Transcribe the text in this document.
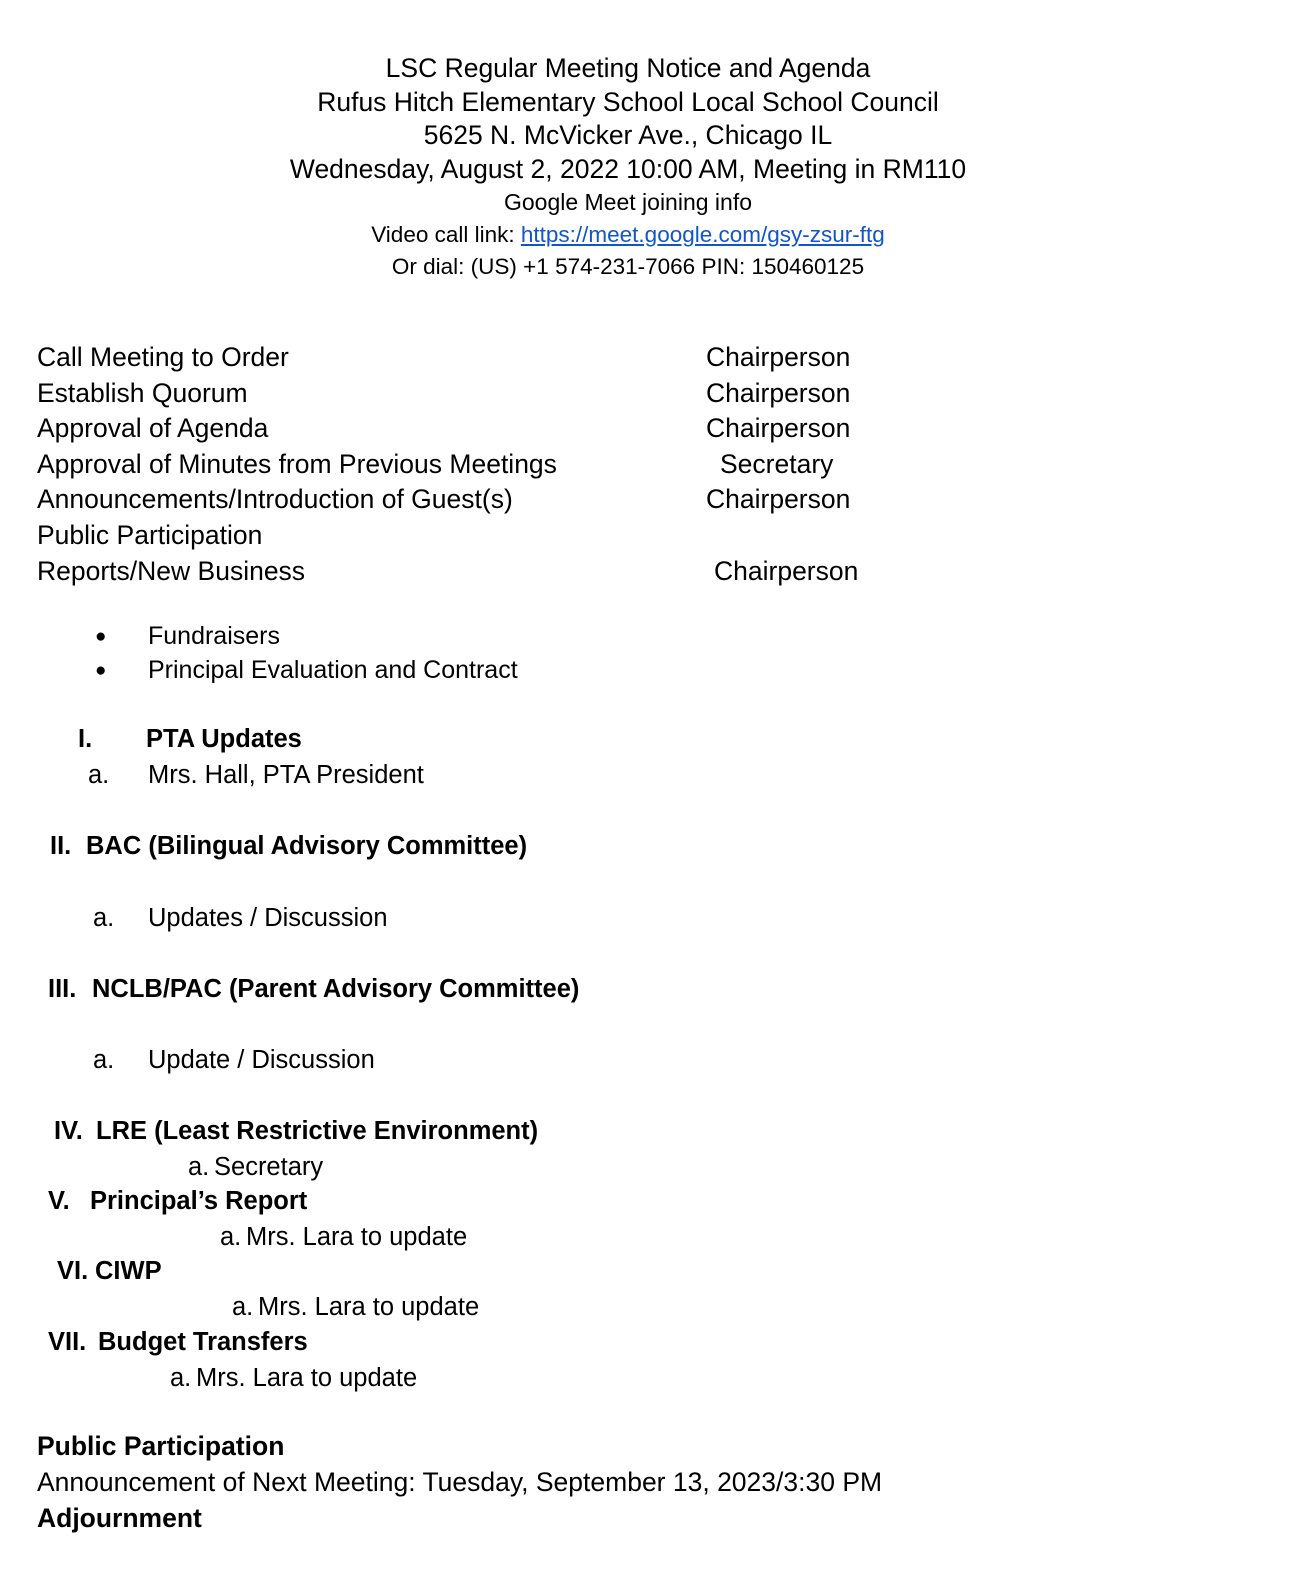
LSC Regular Meeting Notice and Agenda
Rufus Hitch Elementary School Local School Council
5625 N. McVicker Ave., Chicago IL
Wednesday, August 2, 2022 10:00 AM, Meeting in RM110
Google Meet joining info
Video call link: https://meet.google.com/gsy-zsur-ftg
Or dial: (US) +1 574-231-7066 PIN: 150460125
Call Meeting to Order	Chairperson
Establish Quorum	Chairperson
Approval of Agenda	Chairperson
Approval of Minutes from Previous Meetings	Secretary
Announcements/Introduction of Guest(s)	Chairperson
Public Participation
Reports/New Business	Chairperson
● Fundraisers
● Principal Evaluation and Contract
I. PTA Updates
a. Mrs. Hall, PTA President
II. BAC (Bilingual Advisory Committee)
a. Updates / Discussion
III. NCLB/PAC (Parent Advisory Committee)
a. Update / Discussion
IV. LRE (Least Restrictive Environment)
a. Secretary
V. Principal’s Report
a. Mrs. Lara to update
VI. CIWP
a. Mrs. Lara to update
VII. Budget Transfers
a. Mrs. Lara to update
Public Participation
Announcement of Next Meeting: Tuesday, September 13, 2023/3:30 PM
Adjournment
